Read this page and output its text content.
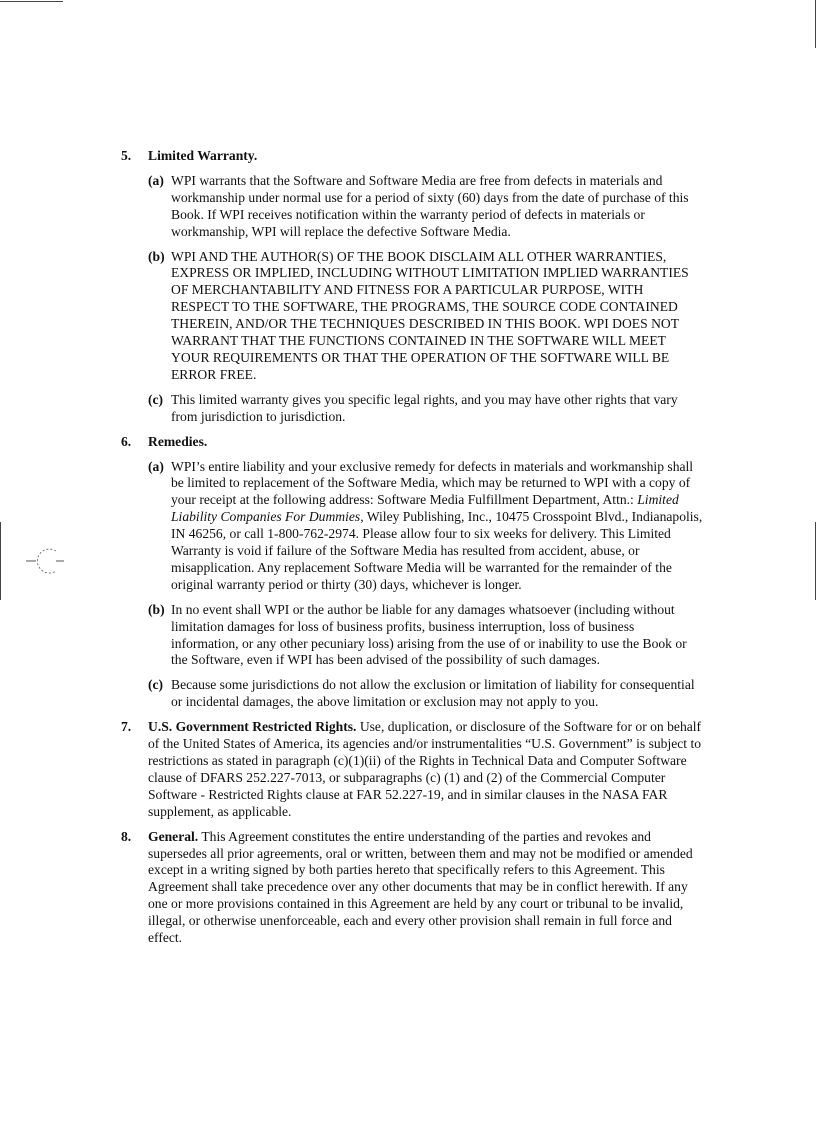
5. Limited Warranty.
(a) WPI warrants that the Software and Software Media are free from defects in materials and workmanship under normal use for a period of sixty (60) days from the date of purchase of this Book. If WPI receives notification within the warranty period of defects in materials or workmanship, WPI will replace the defective Software Media.

(b) WPI AND THE AUTHOR(S) OF THE BOOK DISCLAIM ALL OTHER WARRANTIES, EXPRESS OR IMPLIED, INCLUDING WITHOUT LIMITATION IMPLIED WARRANTIES OF MERCHANTABILITY AND FITNESS FOR A PARTICULAR PURPOSE, WITH RESPECT TO THE SOFTWARE, THE PROGRAMS, THE SOURCE CODE CONTAINED THEREIN, AND/OR THE TECHNIQUES DESCRIBED IN THIS BOOK. WPI DOES NOT WARRANT THAT THE FUNCTIONS CONTAINED IN THE SOFTWARE WILL MEET YOUR REQUIREMENTS OR THAT THE OPERATION OF THE SOFTWARE WILL BE ERROR FREE.

(c) This limited warranty gives you specific legal rights, and you may have other rights that vary from jurisdiction to jurisdiction.

6. Remedies.
(a) WPI’s entire liability and your exclusive remedy for defects in materials and workmanship shall be limited to replacement of the Software Media, which may be returned to WPI with a copy of your receipt at the following address: Software Media Fulfillment Department, Attn.: Limited Liability Companies For Dummies, Wiley Publishing, Inc., 10475 Crosspoint Blvd., Indianapolis, IN 46256, or call 1-800-762-2974. Please allow four to six weeks for delivery. This Limited Warranty is void if failure of the Software Media has resulted from accident, abuse, or misapplication. Any replacement Software Media will be warranted for the remainder of the original warranty period or thirty (30) days, whichever is longer.

(b) In no event shall WPI or the author be liable for any damages whatsoever (including without limitation damages for loss of business profits, business interruption, loss of business information, or any other pecuniary loss) arising from the use of or inability to use the Book or the Software, even if WPI has been advised of the possibility of such damages.

(c) Because some jurisdictions do not allow the exclusion or limitation of liability for consequential or incidental damages, the above limitation or exclusion may not apply to you.

7. U.S. Government Restricted Rights. Use, duplication, or disclosure of the Software for or on behalf of the United States of America, its agencies and/or instrumentalities “U.S. Government” is subject to restrictions as stated in paragraph (c)(1)(ii) of the Rights in Technical Data and Computer Software clause of DFARS 252.227-7013, or subparagraphs (c) (1) and (2) of the Commercial Computer Software - Restricted Rights clause at FAR 52.227-19, and in similar clauses in the NASA FAR supplement, as applicable.

8. General. This Agreement constitutes the entire understanding of the parties and revokes and supersedes all prior agreements, oral or written, between them and may not be modified or amended except in a writing signed by both parties hereto that specifically refers to this Agreement. This Agreement shall take precedence over any other documents that may be in conflict herewith. If any one or more provisions contained in this Agreement are held by any court or tribunal to be invalid, illegal, or otherwise unenforceable, each and every other provision shall remain in full force and effect.
